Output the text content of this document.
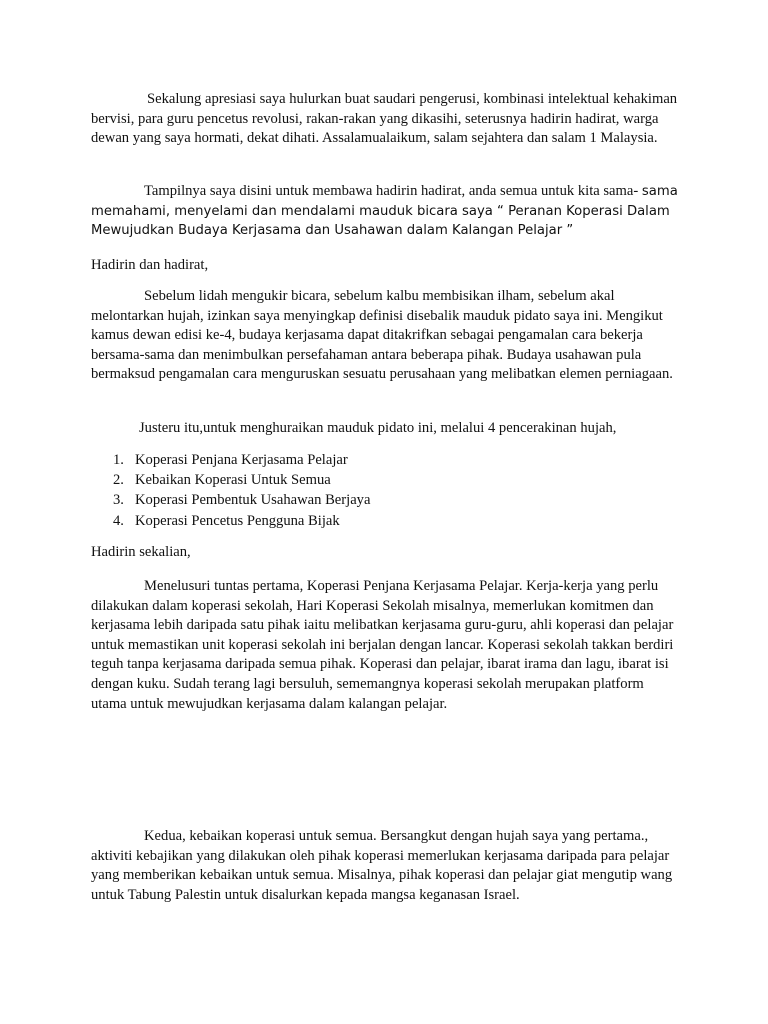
Sekalung apresiasi saya hulurkan buat saudari pengerusi, kombinasi intelektual kehakiman bervisi, para guru pencetus revolusi, rakan-rakan yang dikasihi, seterusnya hadirin hadirat, warga dewan yang saya hormati, dekat dihati. Assalamualaikum, salam sejahtera dan salam 1 Malaysia.

Tampilnya saya disini untuk membawa hadirin hadirat, anda semua untuk kita sama- sama memahami, menyelami dan mendalami mauduk bicara saya “ Peranan Koperasi Dalam Mewujudkan Budaya Kerjasama dan Usahawan dalam Kalangan Pelajar ”

Hadirin dan hadirat,

Sebelum lidah mengukir bicara, sebelum kalbu membisikan ilham, sebelum akal melontarkan hujah, izinkan saya menyingkap definisi disebalik mauduk pidato saya ini. Mengikut kamus dewan edisi ke-4, budaya kerjasama dapat ditakrifkan sebagai pengamalan cara bekerja bersama-sama dan menimbulkan persefahaman antara beberapa pihak. Budaya usahawan pula bermaksud pengamalan cara menguruskan sesuatu perusahaan yang melibatkan elemen perniagaan.

Justeru itu,untuk menghuraikan mauduk pidato ini, melalui 4 pencerakinan hujah,

1. Koperasi Penjana Kerjasama Pelajar
2. Kebaikan Koperasi Untuk Semua
3. Koperasi Pembentuk Usahawan Berjaya
4. Koperasi Pencetus Pengguna Bijak

Hadirin sekalian,

Menelusuri tuntas pertama, Koperasi Penjana Kerjasama Pelajar. Kerja-kerja yang perlu dilakukan dalam koperasi sekolah, Hari Koperasi Sekolah misalnya, memerlukan komitmen dan kerjasama lebih daripada satu pihak iaitu melibatkan kerjasama guru-guru, ahli koperasi dan pelajar untuk memastikan unit koperasi sekolah ini berjalan dengan lancar. Koperasi sekolah takkan berdiri teguh tanpa kerjasama daripada semua pihak. Koperasi dan pelajar, ibarat irama dan lagu, ibarat isi dengan kuku. Sudah terang lagi bersuluh, sememangnya koperasi sekolah merupakan platform utama untuk mewujudkan kerjasama dalam kalangan pelajar.

Kedua, kebaikan koperasi untuk semua. Bersangkut dengan hujah saya yang pertama., aktiviti kebajikan yang dilakukan oleh pihak koperasi memerlukan kerjasama daripada para pelajar yang memberikan kebaikan untuk semua. Misalnya, pihak koperasi dan pelajar giat mengutip wang untuk Tabung Palestin untuk disalurkan kepada mangsa keganasan Israel.
